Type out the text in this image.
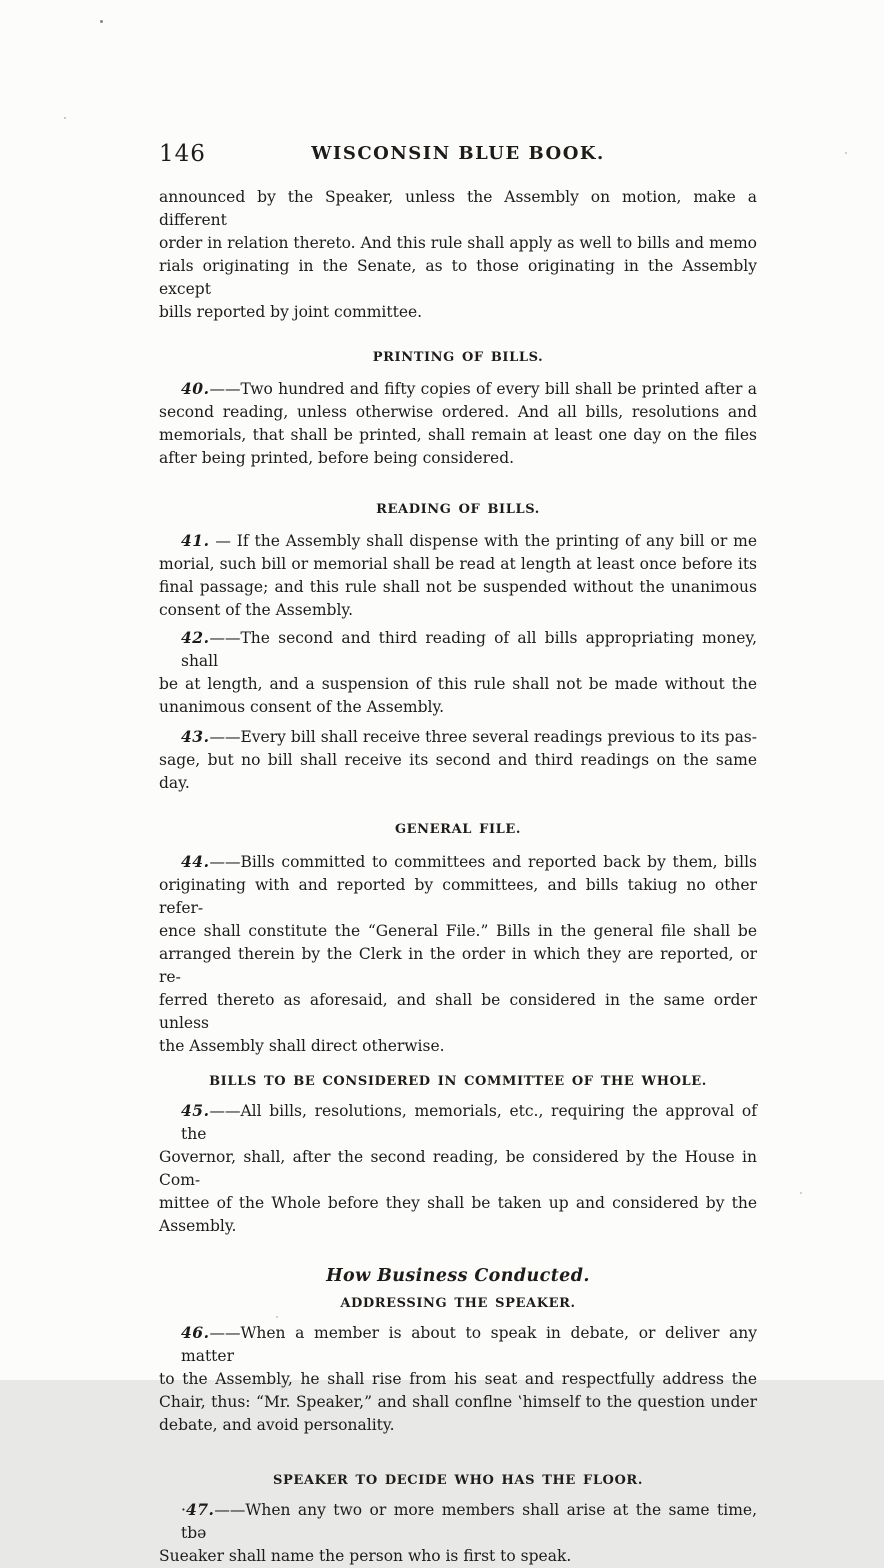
146	WISCONSIN BLUE BOOK.
announced by the Speaker, unless the Assembly on motion, make a different
order in relation thereto. And this rule shall apply as well to bills and memo
rials originating in the Senate, as to those originating in the Assembly except
bills reported by joint committee.
PRINTING OF BILLS.
40.——Two hundred and fifty copies of every bill shall be printed after a
second reading, unless otherwise ordered. And all bills, resolutions and
memorials, that shall be printed, shall remain at least one day on the files
after being printed, before being considered.
READING OF BILLS.
41. — If the Assembly shall dispense with the printing of any bill or me
morial, such bill or memorial shall be read at length at least once before its
final passage; and this rule shall not be suspended without the unanimous
consent of the Assembly.
42.——The second and third reading of all bills appropriating money, shall
be at length, and a suspension of this rule shall not be made without the
unanimous consent of the Assembly.
43.——Every bill shall receive three several readings previous to its pas-
sage, but no bill shall receive its second and third readings on the same day.
GENERAL FILE.
44.——Bills committed to committees and reported back by them, bills
originating with and reported by committees, and bills takiug no other refer-
ence shall constitute the “General File.” Bills in the general file shall be
arranged therein by the Clerk in the order in which they are reported, or re-
ferred thereto as aforesaid, and shall be considered in the same order unless
the Assembly shall direct otherwise.
BILLS TO BE CONSIDERED IN COMMITTEE OF THE WHOLE.
45.——All bills, resolutions, memorials, etc., requiring the approval of the
Governor, shall, after the second reading, be considered by the House in Com-
mittee of the Whole before they shall be taken up and considered by the
Assembly.
How Business Conducted.
ADDRESSING THE SPEAKER.
46.——When a member is about to speak in debate, or deliver any matter
to the Assembly, he shall rise from his seat and respectfully address the
Chair, thus: “Mr. Speaker,” and shall conflne ‛himself to the question under
debate, and avoid personality.
SPEAKER TO DECIDE WHO HAS THE FLOOR.
·47.——When any two or more members shall arise at the same time, tbə
Sueaker shall name the person who is first to speak.
